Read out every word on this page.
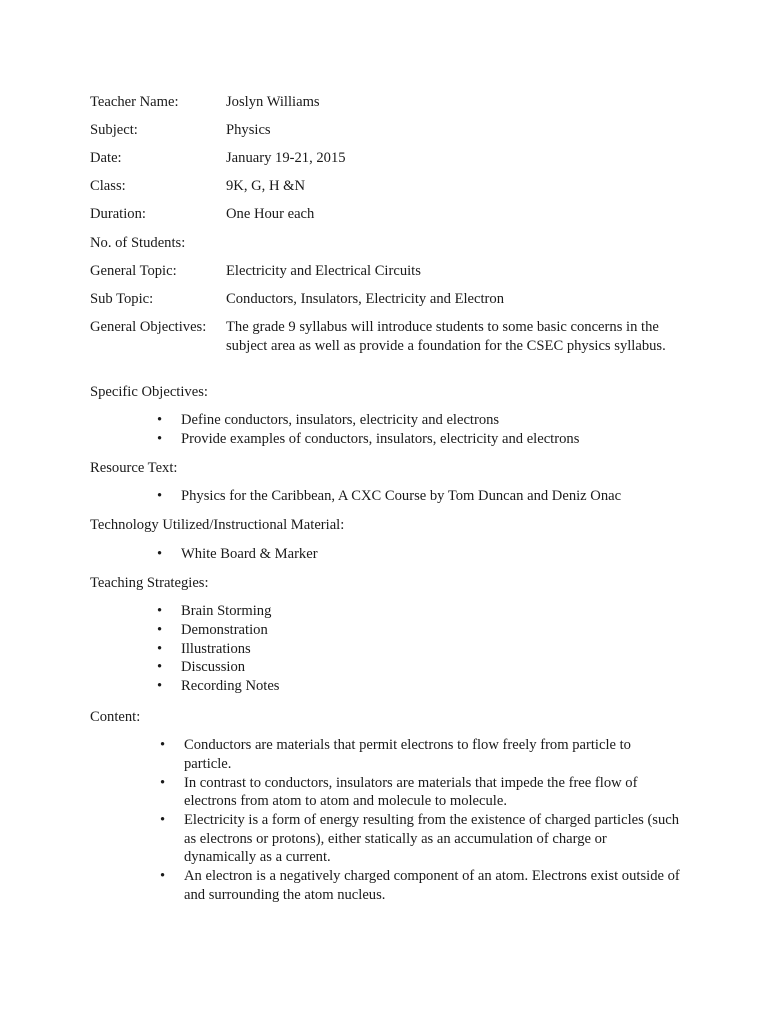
Teacher Name:	Joslyn Williams
Subject:	Physics
Date:	January 19-21, 2015
Class:	9K, G, H &N
Duration:	One Hour each
No. of Students:
General Topic:	Electricity and Electrical Circuits
Sub Topic:	Conductors, Insulators, Electricity and Electron
General Objectives: The grade 9 syllabus will introduce students to some basic concerns in the subject area as well as provide a foundation for the CSEC physics syllabus.
Specific Objectives:
• Define conductors, insulators, electricity and electrons
• Provide examples of conductors, insulators, electricity and electrons
Resource Text:
• Physics for the Caribbean, A CXC Course by Tom Duncan and Deniz Onac
Technology Utilized/Instructional Material:
• White Board & Marker
Teaching Strategies:
• Brain Storming
• Demonstration
• Illustrations
• Discussion
• Recording Notes
Content:
• Conductors are materials that permit electrons to flow freely from particle to particle.
• In contrast to conductors, insulators are materials that impede the free flow of electrons from atom to atom and molecule to molecule.
• Electricity is a form of energy resulting from the existence of charged particles (such as electrons or protons), either statically as an accumulation of charge or dynamically as a current.
• An electron is a negatively charged component of an atom. Electrons exist outside of and surrounding the atom nucleus.
